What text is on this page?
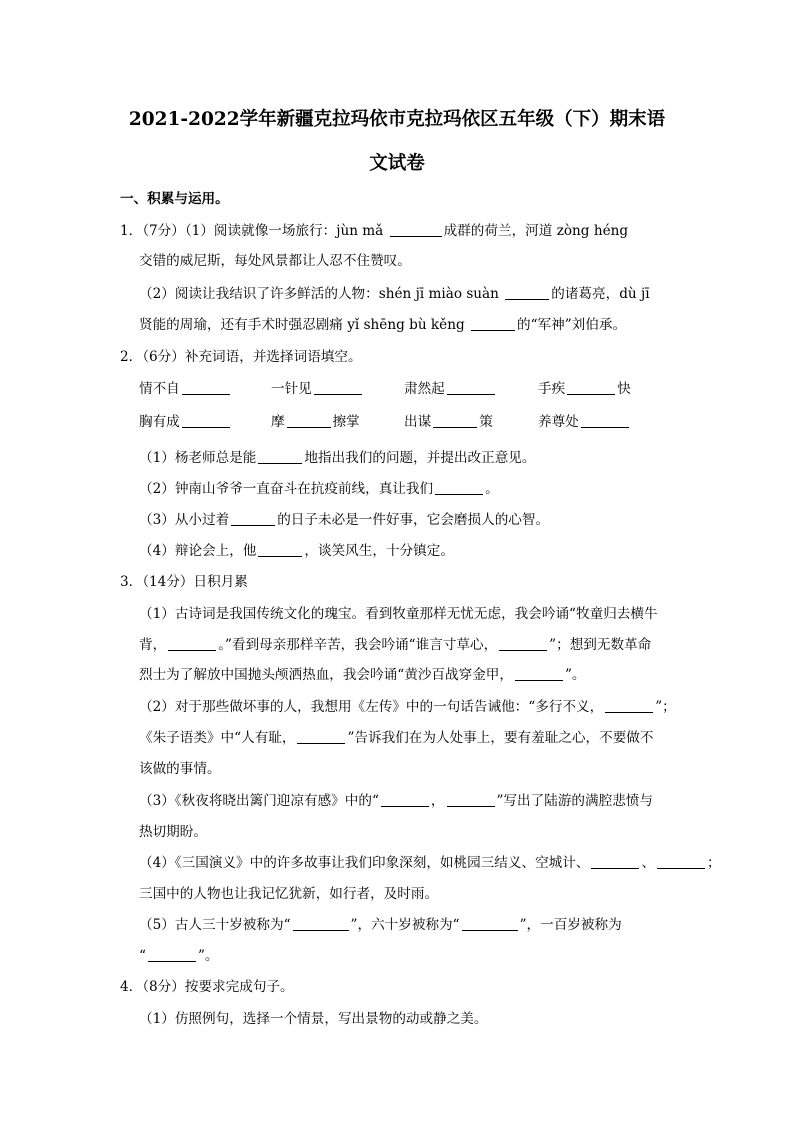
2021-2022学年新疆克拉玛依市克拉玛依区五年级（下）期末语
文试卷
一、积累与运用。
1．（7分）（1）阅读就像一场旅行：jùn mǎ	成群的荷兰，河道 zòng héng
交错的威尼斯，每处风景都让人忍不住赞叹。
（2）阅读让我结识了许多鲜活的人物：shén jī miào suàn	的诸葛亮，dù jī
贤能的周瑜，还有手术时强忍剧痛 yǐ shēng bù kěng	的“军神”刘伯承。
2．（6分）补充词语，并选择词语填空。
情不自	一针见	肃然起	手疾	快
胸有成	摩	擦掌	出谋	策	养尊处
（1）杨老师总是能	地指出我们的问题，并提出改正意见。
（2）钟南山爷爷一直奋斗在抗疫前线，真让我们	。
（3）从小过着	的日子未必是一件好事，它会磨损人的心智。
（4）辩论会上，他	，谈笑风生，十分镇定。
3．（14分）日积月累
（1）古诗词是我国传统文化的瑰宝。看到牧童那样无忧无虑，我会吟诵“牧童归去横牛
背，	。”看到母亲那样辛苦，我会吟诵“谁言寸草心，	”；想到无数革命
烈士为了解放中国抛头颅洒热血，我会吟诵“黄沙百战穿金甲，	”。
（2）对于那些做坏事的人，我想用《左传》中的一句话告诫他：“多行不义，	”；
《朱子语类》中“人有耻，	”告诉我们在为人处事上，要有羞耻之心，不要做不
该做的事情。
（3）《秋夜将晓出篱门迎凉有感》中的“	，	”写出了陆游的满腔悲愤与
热切期盼。
（4）《三国演义》中的许多故事让我们印象深刻，如桃园三结义、空城计、	、	；
三国中的人物也让我记忆犹新，如行者，及时雨。
（5）古人三十岁被称为“	”，六十岁被称为“	”，一百岁被称为
“	”。
4．（8分）按要求完成句子。
（1）仿照例句，选择一个情景，写出景物的动或静之美。
